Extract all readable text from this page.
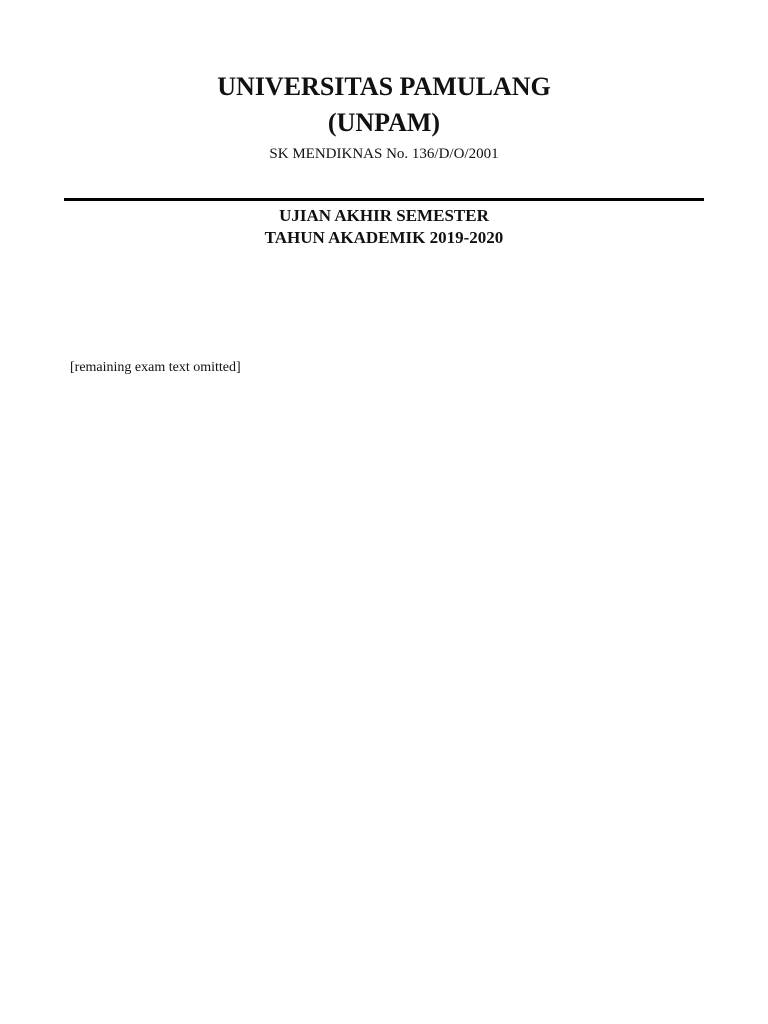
UNIVERSITAS PAMULANG
(UNPAM)
SK MENDIKNAS No. 136/D/O/2001
UJIAN AKHIR SEMESTER
TAHUN AKADEMIK 2019-2020
[remaining exam text omitted]
